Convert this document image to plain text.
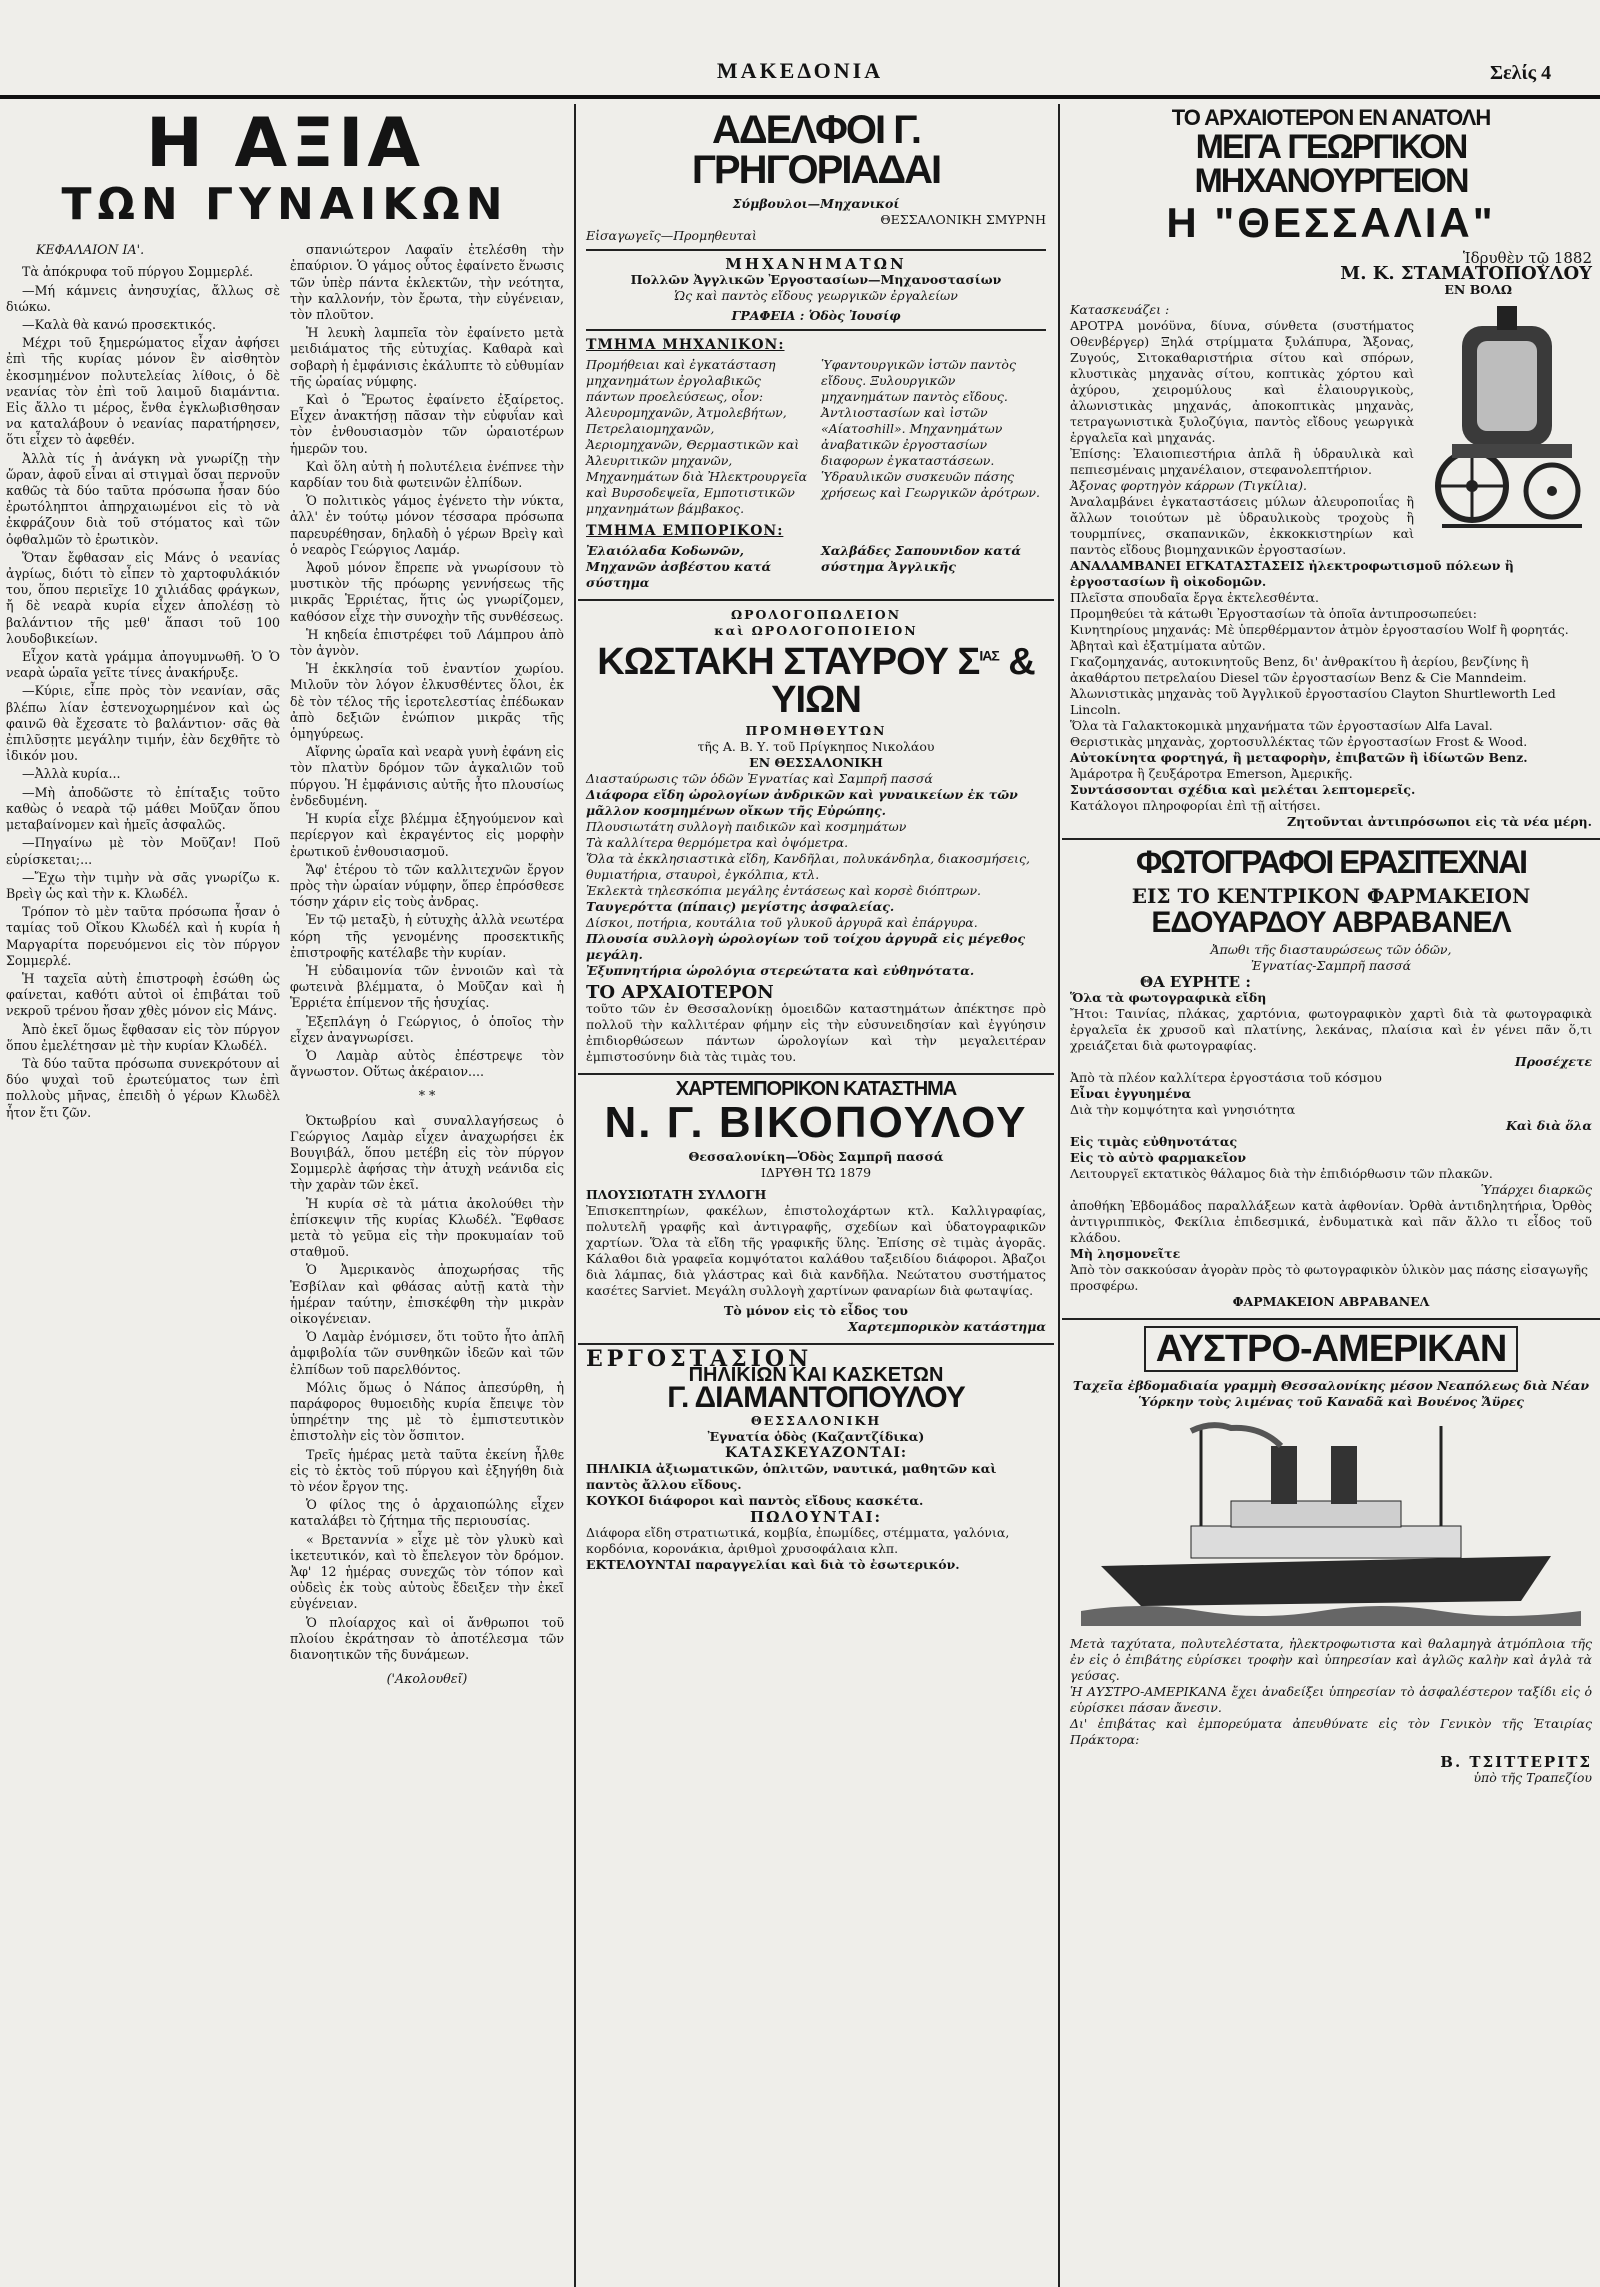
ΜΑΚΕΔΟΝΙΑ	Σελίς 4
Η ΑΞΙΑ
ΤΩΝ ΓΥΝΑΙΚΩΝ

ΚΕΦΑΛΑΙΟΝ ΙΑ'.

Τὰ ἀπόκρυφα τοῦ πύργου Σομμερλέ.

—Μή κάμνεις ἀνησυχίας, ἄλλως σὲ διώκω.

—Καλὰ θὰ κανώ προσεκτικός.

Μέχρι τοῦ ξημερώματος εἶχαν ἀφήσει ἐπὶ τῆς κυρίας μόνον ἓν αἰσθητὸν ἐκοσμημένον πολυτελείας λίθοις, ὁ δὲ νεανίας τὸν ἐπὶ τοῦ λαιμοῦ διαμάντια. Εἰς ἄλλο τι μέρος, ἔνθα ἐγκλωβισθησαν να καταλάβουν ὁ νεανίας παρατήρησεν, ὅτι εἶχεν τὸ ἀφεθέν.

Ἀλλὰ τίς ἡ ἀνάγκη νὰ γνωρίζῃ τὴν ὥραν, ἀφοῦ εἶναι αἱ στιγμαὶ ὅσαι περνοῦν καθῶς τὰ δύο ταῦτα πρόσωπα ἦσαν δύο ἐρωτόληπτοι ἀπηρχαιωμένοι εἰς τὸ νὰ ἐκφράζουν διὰ τοῦ στόματος καὶ τῶν ὀφθαλμῶν τὸ ἐρωτικὸν.

Ὅταν ἔφθασαν εἰς Μάνς ὁ νεανίας ἀγρίως, διότι τὸ εἶπεν τὸ χαρτοφυλάκιόν του, ὅπου περιεῖχε 10 χιλιάδας φράγκων, ἤ δὲ νεαρὰ κυρία εἶχεν ἀπολέσῃ τὸ βαλάντιον τῆς μεθ' ἅπασι τοῦ 100 λουδοβικείων.

Εἶχον κατὰ γράμμα ἀπογυμνωθῆ. Ὁ Ὁ νεαρὰ ὡραῖα γεῖτε τίνες ἀνακήρυξε.

—Κύριε, εἶπε πρὸς τὸν νεανίαν, σᾶς βλέπω λίαν ἐστενοχωρημένον καὶ ὡς φαινῶ θὰ ἔχεσατε τὸ βαλάντιον· σᾶς θὰ ἐπιλῦσῃτε μεγάλην τιμήν, ἐὰν δεχθῆτε τὸ ἰδικόν μου.

—Ἀλλὰ κυρία...

—Μὴ ἀποδῶστε τὸ ἐπίταξις τοῦτο καθὼς ὁ νεαρὰ τῷ μάθει Μοῦζαν ὅπου μεταβαίνομεν καὶ ἡμεῖς ἀσφαλῶς.

—Πηγαίνω μὲ τὸν Μοῦζαν! Ποῦ εὑρίσκεται;...

—Ἔχω τὴν τιμὴν νὰ σᾶς γνωρίζω κ. Βρεὶγ ὡς καὶ τὴν κ. Κλωδέλ.

Τρόπον τὸ μὲν ταῦτα πρόσωπα ἦσαν ὁ ταμίας τοῦ Οἴκου Κλωδέλ καὶ ἡ κυρία ἡ Μαργαρίτα πορευόμενοι εἰς τὸν πύργον Σομμερλέ.

Ἡ ταχεῖα αὐτὴ ἐπιστροφὴ ἐσώθη ὡς φαίνεται, καθότι αὐτοὶ οἱ ἐπιβάται τοῦ νεκροῦ τρένου ἤσαν χθὲς μόνον εἰς Μάνς.

Ἀπὸ ἐκεῖ ὅμως ἔφθασαν εἰς τὸν πύργον ὅπου ἐμελέτησαν μὲ τὴν κυρίαν Κλωδέλ.

Τὰ δύο ταῦτα πρόσωπα συνεκρότουν αἱ δύο ψυχαὶ τοῦ ἐρωτεύματος των ἐπὶ πολλοὺς μῆνας, ἐπειδὴ ὁ γέρων Κλωδὲλ ἦτον ἔτι ζῶν.

σπανιώτερον Λαφαϊν ἐτελέσθη τὴν ἐπαύριον. Ὁ γάμος οὗτος ἐφαίνετο ἕνωσις τῶν ὑπὲρ πάντα ἐκλεκτῶν, τὴν νεότητα, τὴν καλλονήν, τὸν ἔρωτα, τὴν εὐγένειαν, τὸν πλοῦτον.

Ἡ λευκὴ λαμπεῖα τὸν ἐφαίνετο μετὰ μειδιάματος τῆς εὐτυχίας. Καθαρὰ καὶ σοβαρὴ ἡ ἐμφάνισις ἐκάλυπτε τὸ εὐθυμίαν τῆς ὡραίας νύμφης.

Καὶ ὁ Ἔρωτος ἐφαίνετο ἐξαίρετος. Εἶχεν ἀνακτήσῃ πᾶσαν τὴν εὐφυΐαν καὶ τὸν ἐνθουσιασμὸν τῶν ὡραιοτέρων ἡμερῶν του.

Καὶ ὅλη αὐτὴ ἡ πολυτέλεια ἐνέπνεε τὴν καρδίαν του διὰ φωτεινῶν ἐλπίδων.

Ὁ πολιτικὸς γάμος ἐγένετο τὴν νύκτα, ἀλλ' ἐν τούτῳ μόνον τέσσαρα πρόσωπα παρευρέθησαν, δηλαδὴ ὁ γέρων Βρεὶγ καὶ ὁ νεαρὸς Γεώργιος Λαμάρ.

Ἀφοῦ μόνον ἔπρεπε νὰ γνωρίσουν τὸ μυστικὸν τῆς πρόωρης γεννήσεως τῆς μικρᾶς Ἑρριέτας, ἥτις ὡς γνωρίζομεν, καθόσον εἶχε τὴν συνοχὴν τῆς συνθέσεως.

Ἡ κηδεία ἐπιστρέφει τοῦ Λάμπρου ἀπὸ τὸν ἁγνὸν.

Ἡ ἐκκλησία τοῦ ἐναντίον χωρίου. Μιλοῦν τὸν λόγον ἑλκυσθέντες ὅλοι, ἐκ δὲ τὸν τέλος τῆς ἱεροτελεστίας ἐπέδωκαν ἀπὸ δεξιῶν ἐνώπιον μικρᾶς τῆς ὁμηγύρεως.

Αἴφνης ὡραῖα καὶ νεαρὰ γυνὴ ἐφάνη εἰς τὸν πλατὺν δρόμον τῶν ἀγκαλιῶν τοῦ πύργου. Ἡ ἐμφάνισις αὐτῆς ἦτο πλουσίως ἐνδεδυμένη.

Ἡ κυρία εἶχε βλέμμα ἐξηγούμενον καὶ περίεργον καὶ ἐκραγέντος εἰς μορφὴν ἐρωτικοῦ ἐνθουσιασμοῦ.

Ἄφ' ἑτέρου τὸ τῶν καλλιτεχνῶν ἔργον πρὸς τὴν ὡραίαν νύμφην, ὅπερ ἐπρόσθεσε τόσην χάριν εἰς τοὺς ἀνδρας.

Ἐν τῷ μεταξὺ, ἡ εὐτυχὴς ἀλλὰ νεωτέρα κόρη τῆς γενομένης προσεκτικῆς ἐπιστροφῆς κατέλαβε τὴν κυρίαν.

Ἡ εὐδαιμονία τῶν ἐννοιῶν καὶ τὰ φωτεινὰ βλέμματα, ὁ Μοῦζαν καὶ ἡ Ἑρριέτα ἐπίμενον τῆς ἡσυχίας.

Ἐξεπλάγη ὁ Γεώργιος, ὁ ὁποῖος τὴν εἶχεν ἀναγνωρίσει.

Ὁ Λαμὰρ αὐτὸς ἐπέστρεψε τὸν ἄγνωστον. Οὕτως ἀκέραιον....

* *

Ὀκτωβρίου καὶ συναλλαγήσεως ὁ Γεώργιος Λαμὰρ εἶχεν ἀναχωρήσει ἐκ Βουγιβάλ, ὅπου μετέβη εἰς τὸν πύργον Σομμερλὲ ἀφήσας τὴν ἀτυχὴ νεάνιδα εἰς τὴν χαρὰν τῶν ἐκεῖ.

Ἡ κυρία σὲ τὰ μάτια ἀκολούθει τὴν ἐπίσκεψιν τῆς κυρίας Κλωδέλ. Ἔφθασε μετὰ τὸ γεῦμα εἰς τὴν προκυμαίαν τοῦ σταθμοῦ.

Ὁ Ἀμερικανὸς ἀποχωρήσας τῆς Ἑσβίλαν καὶ φθάσας αὐτῇ κατὰ τὴν ἡμέραν ταύτην, ἐπισκέφθη τὴν μικρὰν οἰκογένειαν.

Ὁ Λαμὰρ ἐνόμισεν, ὅτι τοῦτο ἦτο ἀπλῆ ἀμφιβολία τῶν συνθηκῶν ἰδεῶν καὶ τῶν ἐλπίδων τοῦ παρελθόντος.

Μόλις ὅμως ὁ Νάπος ἀπεσύρθη, ἡ παράφορος θυμοειδὴς κυρία ἔπειψε τὸν ὑπηρέτην της μὲ τὸ ἐμπιστευτικὸν ἐπιστολὴν εἰς τὸν ὅσπιτον.

Τρεῖς ἡμέρας μετὰ ταῦτα ἐκείνη ἦλθε εἰς τὸ ἐκτὸς τοῦ πύργου καὶ ἐξηγήθη διὰ τὸ νέον ἔργον της.

Ὁ φίλος της ὁ ἀρχαιοπώλης εἶχεν καταλάβει τὸ ζήτημα τῆς περιουσίας.

« Βρεταννία » εἶχε μὲ τὸν γλυκὺ καὶ ἱκετευτικόν, καὶ τὸ ἔπελεγον τὸν δρόμον. Ἀφ' 12 ἡμέρας συνεχῶς τὸν τόπον καὶ οὐδεὶς ἐκ τοὺς αὐτοὺς ἔδειξεν τὴν ἐκεῖ εὐγένειαν.

Ὁ πλοίαρχος καὶ οἱ ἄνθρωποι τοῦ πλοίου ἐκράτησαν τὸ ἀποτέλεσμα τῶν διανοητικῶν τῆς δυνάμεων.

('Ακολουθεῖ)
ΑΔΕΛΦΟΙ Γ. ΓΡΗΓΟΡΙΑΔΑΙ
Σύμβουλοι—Μηχανικοί
ΘΕΣΣΑΛΟΝΙΚΗ ΣΜΥΡΝΗ
Εἰσαγωγεῖς—Προμηθευταὶ
ΜΗΧΑΝΗΜΑΤΩΝ
Πολλῶν Ἀγγλικῶν Ἐργοστασίων—Μηχανοστασίων
Ὡς καὶ παντὸς εἴδους γεωργικῶν ἐργαλείων
ΓΡΑΦΕΙΑ : Ὁδὸς Ἰουσίφ
ΤΜΗΜΑ ΜΗΧΑΝΙΚΟΝ:
Προμήθειαι καὶ ἐγκατάσταση μηχανημάτων ἐργολαβικῶς πάντων προελεύσεως, οἷον: Ἀλευρομηχανῶν, Ἀτμολεβήτων, Πετρελαιομηχανῶν, Ἀεριομηχανῶν, Θερμαστικῶν καὶ Ἀλευριτικῶν μηχανῶν, Μηχανημάτων διὰ Ἠλεκτρουργεῖα καὶ Βυρσοδεψεῖα, Εμποτιστικῶν μηχανημάτων βάμβακος.
Ὑφαντουργικῶν ἰστῶν παντὸς εἴδους. Ξυλουργικῶν μηχανημάτων παντὸς εἴδους. Ἀντλιοστασίων καὶ ἰστῶν «Αίατοσhill». Μηχανημάτων ἀναβατικῶν ἐργοστασίων διαφορων ἐγκαταστάσεων. Ὑδραυλικῶν συσκευῶν πάσης χρήσεως καὶ Γεωργικῶν ἀρότρων.
ΤΜΗΜΑ ΕΜΠΟΡΙΚΟΝ:
Ἐλαιόλαδα Κοδωνῶν, Μηχανῶν ἀσβέστου κατά σύστημα
Χαλβάδες Σαπουνιδον κατά σύστημα Ἀγγλικῆς
ΩΡΟΛΟΓΟΠΩΛΕΙΟΝ
καὶ ΩΡΟΛΟΓΟΠΟΙΕΙΟΝ
ΚΩΣΤΑΚΗ ΣΤΑΥΡΟΥ $\Sigma^{IA\Sigma}$ & ΥΙΩΝ
ΠΡΟΜΗΘΕΥΤΩΝ
τῆς Α. Β. Υ. τοῦ Πρίγκηπος Νικολάου
ΕΝ ΘΕΣΣΑΛΟΝΙΚΗ
Διασταύρωσις τῶν ὁδῶν Ἐγνατίας καὶ Σαμπρῆ πασσά
Διάφορα εἴδη ὡρολογίων ἀνδρικῶν καὶ γυναικείων ἐκ τῶν μᾶλλον κοσμημένων οἴκων τῆς Εὐρώπης.
Πλουσιωτάτη συλλογὴ παιδικῶν καὶ κοσμημάτων
Τὰ καλλίτερα θερμόμετρα καὶ ὀψόμετρα.
Ὅλα τὰ ἐκκλησιαστικὰ εἴδη, Κανδῆλαι, πολυκάνδηλα, διακοσμήσεις, θυμιατήρια, σταυροὶ, ἐγκόλπια, κτλ.
Ἐκλεκτὰ τηλεσκόπια μεγάλης ἐντάσεως καὶ κορσὲ διόπτρων.
Ταυγερόττα (πίπαις) μεγίστης ἀσφαλείας.
Δίσκοι, ποτήρια, κουτάλια τοῦ γλυκοῦ ἀργυρᾶ καὶ ἐπάργυρα.
Πλουσία συλλογὴ ὡρολογίων τοῦ τοίχου ἀργυρᾶ εἰς μέγεθος μεγάλη.
Ἐξυπνητήρια ὡρολόγια στερεώτατα καὶ εὐθηνότατα.
ΤΟ ΑΡΧΑΙΟΤΕΡΟΝ
τοῦτο τῶν ἐν Θεσσαλονίκῃ ὁμοειδῶν καταστημάτων ἀπέκτησε πρὸ πολλοῦ τὴν καλλιτέραν φήμην εἰς τὴν εὐσυνειδησίαν καὶ ἐγγύησιν ἐπιδιορθώσεων πάντων ὡρολογίων καὶ τὴν μεγαλειτέραν ἐμπιστοσύνην διὰ τὰς τιμὰς του.
ΧΑΡΤΕΜΠΟΡΙΚΟΝ ΚΑΤΑΣΤΗΜΑ
Ν. Γ. ΒΙΚΟΠΟΥΛΟΥ
Θεσσαλονίκη—Ὁδὸς Σαμπρῆ πασσά
ΙΔΡΥΘΗ ΤΩ 1879
ΠΛΟΥΣΙΩΤΑΤΗ ΣΥΛΛΟΓΗ
Ἐπισκεπτηρίων, φακέλων, ἐπιστολοχάρτων κτλ. Καλλιγραφίας, πολυτελῆ γραφῆς καὶ ἀντιγραφῆς, σχεδίων καὶ ὑδατογραφικῶν χαρτίων. Ὅλα τὰ εἴδη τῆς γραφικῆς ὕλης. Ἐπίσης σὲ τιμὰς ἀγορᾶς. Κάλαθοι διὰ γραφεῖα κομψότατοι καλάθου ταξειδίου διάφοροι. Ἀβαζοι διὰ λάμπας, διὰ γλάστρας καὶ διὰ κανδῆλα. Νεώτατου συστήματος κασέτες Sarviet. Μεγάλη συλλογὴ χαρτίνων φαναρίων διὰ φωταψίας.
Τὸ μόνον εἰς τὸ εἶδος του
Χαρτεμπορικὸν κατάστημα
ΕΡΓΟΣΤΑΣΙΟΝ
ΠΗΛΙΚΙΩΝ ΚΑΙ ΚΑΣΚΕΤΩΝ
Γ. ΔΙΑΜΑΝΤΟΠΟΥΛΟΥ
ΘΕΣΣΑΛΟΝΙΚΗ
Ἐγνατία ὁδὸς (Καζαντζίδικα)
ΚΑΤΑΣΚΕΥΑΖΟΝΤΑΙ:
ΠΗΛΙΚΙΑ ἀξιωματικῶν, ὁπλιτῶν, ναυτικά, μαθητῶν καὶ παντὸς ἄλλου εἴδους.
ΚΟΥΚΟΙ διάφοροι καὶ παντὸς εἴδους κασκέτα.
ΠΩΛΟΥΝΤΑΙ:
Διάφορα εἴδη στρατιωτικά, κομβία, ἐπωμίδες, στέμματα, γαλόνια, κορδόνια, κορονάκια, ἀριθμοὶ χρυσοφάλαια κλπ.
ΕΚΤΕΛΟΥΝΤΑΙ παραγγελίαι καὶ διὰ τὸ ἐσωτερικόν.
ΤΟ ΑΡΧΑΙΟΤΕΡΟΝ ΕΝ ΑΝΑΤΟΛΗ
ΜΕΓΑ ΓΕΩΡΓΙΚΟΝ ΜΗΧΑΝΟΥΡΓΕΙΟΝ
Η "ΘΕΣΣΑΛΙΑ"
Ἱδρυθὲν τῷ 1882
Μ. Κ. ΣΤΑΜΑΤΟΠΟΥΛΟΥ
ΕΝ ΒΟΛΩ
Κατασκευάζει :
ΑΡΟΤΡΑ μονόϋνα, δίυνα, σύνθετα (συστήματος Οθενβέργερ) Ξηλά στρίμματα ξυλάπυρα, Ἄξονας, Ζυγούς, Σιτοκαθαριστήρια σίτου καὶ σπόρων, κλυστικὰς μηχανὰς σίτου, κοπτικὰς χόρτου καὶ ἀχύρου, χειρομύλους καὶ ἐλαιουργικοὺς, ἀλωνιστικὰς μηχανάς, ἀποκοπτικὰς μηχανὰς, τετραγωνιστικὰ ξυλοζύγια, παντὸς εἴδους γεωργικὰ ἐργαλεῖα καὶ μηχανάς.
Ἐπίσης: Ἐλαιοπιεστήρια ἀπλᾶ ἢ ὑδραυλικὰ καὶ πεπιεσμέναις μηχανέλαιον, στεφανολεπτήριον.
Ἀξονας φορτηγὸν κάρρων (Τιγκίλια).
Ἀναλαμβάνει ἐγκαταστάσεις μύλων ἀλευροποιΐας ἢ ἄλλων τοιούτων μὲ ὑδραυλικοὺς τροχοὺς ἢ τουρμπίνες, σκαπανικῶν, ἐκκοκκιστηρίων καὶ παντὸς εἴδους βιομηχανικῶν ἐργοστασίων.
ΑΝΑΛΑΜΒΑΝΕΙ ΕΓΚΑΤΑΣΤΑΣΕΙΣ ἠλεκτροφωτισμοῦ πόλεων ἢ ἐργοστασίων ἢ οἰκοδομῶν.
Πλεῖστα σπουδαῖα ἔργα ἐκτελεσθέντα.
Προμηθεύει τὰ κάτωθι Ἐργοστασίων τὰ ὁποῖα ἀντιπροσωπεύει:
Κινητηρίους μηχανάς: Μὲ ὑπερθέρμαντον ἀτμὸν ἐργοστασίου Wolf ἢ φορητάς. Ἀβηταὶ καὶ ἐξατμίματα αὐτῶν.
Γκαζομηχανάς, αυτοκινητοῦς Benz, δι' ἀνθρακίτου ἢ ἀερίου, βενζίνης ἢ ἀκαθάρτου πετρελαίου Diesel τῶν ἐργοστασίων Benz & Cie Manndeim.
Ἀλωνιστικὰς μηχανὰς τοῦ Ἀγγλικοῦ ἐργοστασίου Clayton Shurtleworth Led Lincoln.
Ὅλα τὰ Γαλακτοκομικὰ μηχανήματα τῶν ἐργοστασίων Alfa Laval.
Θεριστικὰς μηχανὰς, χορτοσυλλέκτας τῶν ἐργοστασίων Frost & Wood.
Αὐτοκίνητα φορτηγά, ἢ μεταφορὴν, ἐπιβατῶν ἢ ἰδίωτῶν Benz.
Ἁμάροτρα ἢ ζευξάροτρα Emerson, Ἀμερικῆς.
Συντάσσονται σχέδια καὶ μελέται λεπτομερεῖς.
Κατάλογοι πληροφορίαι ἐπὶ τῇ αἰτήσει.
Ζητοῦνται ἀντιπρόσωποι εἰς τὰ νέα μέρη.
ΦΩΤΟΓΡΑΦΟΙ ΕΡΑΣΙΤΕΧΝΑΙ
ΕΙΣ ΤΟ ΚΕΝΤΡΙΚΟΝ ΦΑΡΜΑΚΕΙΟΝ
ΕΔΟΥΑΡΔΟΥ ΑΒΡΑΒΑΝΕΛ
Ἀπωθι τῆς διασταυρώσεως τῶν ὁδῶν,
Ἐγνατίας-Σαμπρῆ πασσά
ΘΑ ΕΥΡΗΤΕ :
Ὅλα τὰ φωτογραφικὰ εἴδη
Ἤτοι: Ταινίας, πλάκας, χαρτόνια, φωτογραφικὸν χαρτὶ διὰ τὰ φωτογραφικὰ ἐργαλεῖα ἐκ χρυσοῦ καὶ πλατίνης, λεκάνας, πλαίσια καὶ ἐν γένει πᾶν ὅ,τι χρειάζεται διὰ φωτογραφίας.
Προσέχετε
Ἀπὸ τὰ πλέον καλλίτερα ἐργοστάσια τοῦ κόσμου
Εἶναι ἐγγυημένα
Διὰ τὴν κομψότητα καὶ γνησιότητα
Καὶ διὰ ὅλα
Εἰς τιμὰς εὐθηνοτάτας
Εἰς τὸ αὐτὸ φαρμακεῖον
Λειτουργεῖ εκτατικὸς θάλαμος διὰ τὴν ἐπιδιόρθωσιν τῶν πλακῶν.
Ὑπάρχει διαρκῶς
ἀποθήκη Ἐβδομάδος παραλλάξεων κατὰ ἀφθονίαν. Ὀρθὰ ἀντιδηλητήρια, Ὀρθὸς ἀντιγριππικὸς, Φεκίλια ἐπιδεσμικά, ἐνδυματικὰ καὶ πᾶν ἄλλο τι εἶδος τοῦ κλάδου.
Μὴ λησμονεῖτε
Ἀπὸ τὸν σακκούσαν ἀγορὰν πρὸς τὸ φωτογραφικὸν ὑλικὸν μας πάσης εἰσαγωγῆς προσφέρω.
ΦΑΡΜΑΚΕΙΟΝ ΑΒΡΑΒΑΝΕΛ
ΑΥΣΤΡΟ-ΑΜΕΡΙΚΑΝ
Ταχεῖα ἐβδομαδιαία γραμμὴ Θεσσαλονίκης μέσον Νεαπόλεως διὰ Νέαν Ὑόρκην τοὺς λιμένας τοῦ Καναδᾶ καὶ Βουένος Ἄϋρες
Μετὰ ταχύτατα, πολυτελέστατα, ἠλεκτροφωτιστα καὶ θαλαμηγὰ ἀτμόπλοια τῆς ἐν εἰς ὁ ἐπιβάτης εὑρίσκει τροφὴν καὶ ὑπηρεσίαν καὶ ἀγλῶς καλὴν καὶ ἀγλὰ τὰ γεύσας.
Ἡ ΑΥΣΤΡΟ-ΑΜΕΡΙΚΑΝΑ ἔχει ἀναδείξει ὑπηρεσίαν τὸ ἀσφαλέστερον ταξίδι εἰς ὁ εὑρίσκει πάσαν ἄνεσιν.
Δι' ἐπιβάτας καὶ ἐμπορεύματα ἀπευθύνατε εἰς τὸν Γενικὸν τῆς Ἑταιρίας Πράκτορα:
Β. ΤΣΙΤΤΕΡΙΤΣ
ὑπὸ τῆς Τραπεζίου
